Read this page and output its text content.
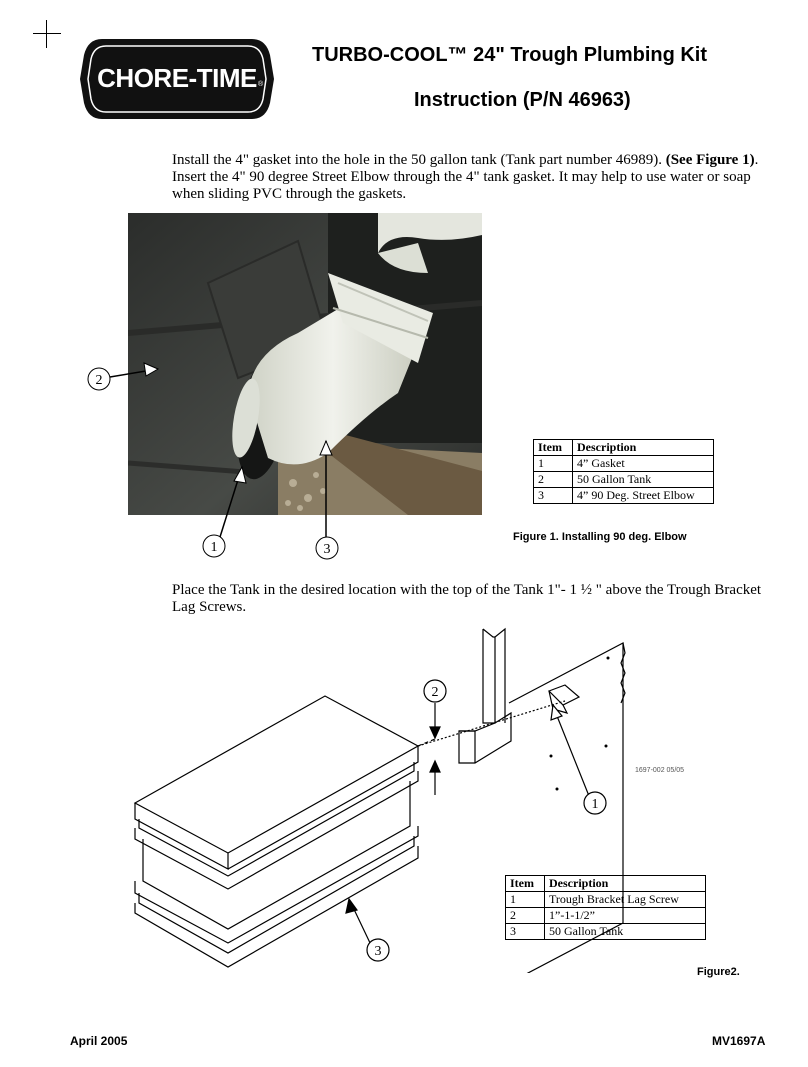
CHORE-TIME ®
TURBO-COOL™ 24" Trough Plumbing Kit
Instruction (P/N 46963)
Install the 4" gasket into the hole in the 50 gallon tank (Tank part number 46989). (See Figure 1). Insert the 4" 90 degree Street Elbow through the 4" tank gasket. It may help to use water or soap when sliding PVC through the gaskets.
2
1	3
Item	Description
1	4” Gasket
2	50 Gallon Tank
3	4” 90 Deg. Street Elbow
Figure 1. Installing 90 deg. Elbow
Place the Tank in the desired location with the top of the Tank 1"- 1 ½ " above the Trough Bracket Lag Screws.
2
1
3
1697-002 05/05
Item	Description
1	Trough Bracket Lag Screw
2	1”-1-1/2”
3	50 Gallon Tank
Figure2.
April 2005	MV1697A
